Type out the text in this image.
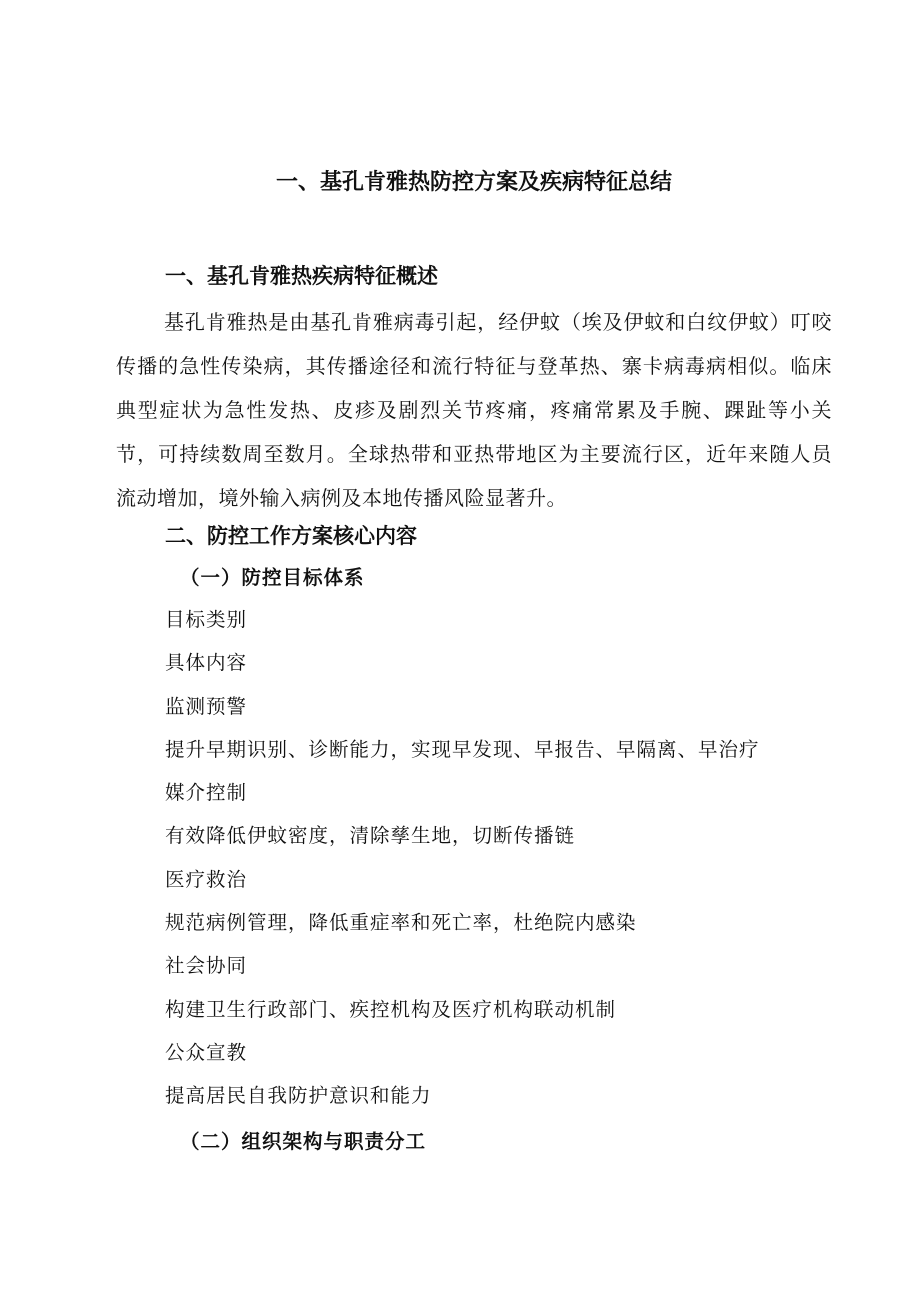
一、基孔肯雅热防控方案及疾病特征总结
一、基孔肯雅热疾病特征概述

基孔肯雅热是由基孔肯雅病毒引起，经伊蚊（埃及伊蚊和白纹伊蚊）叮咬传播的急性传染病，其传播途径和流行特征与登革热、寨卡病毒病相似。临床典型症状为急性发热、皮疹及剧烈关节疼痛，疼痛常累及手腕、踝趾等小关节，可持续数周至数月。全球热带和亚热带地区为主要流行区，近年来随人员流动增加，境外输入病例及本地传播风险显著升。

二、防控工作方案核心内容
（一）防控目标体系
目标类别
具体内容
监测预警
提升早期识别、诊断能力，实现早发现、早报告、早隔离、早治疗
媒介控制
有效降低伊蚊密度，清除孳生地，切断传播链
医疗救治
规范病例管理，降低重症率和死亡率，杜绝院内感染
社会协同
构建卫生行政部门、疾控机构及医疗机构联动机制
公众宣教
提高居民自我防护意识和能力
（二）组织架构与职责分工
